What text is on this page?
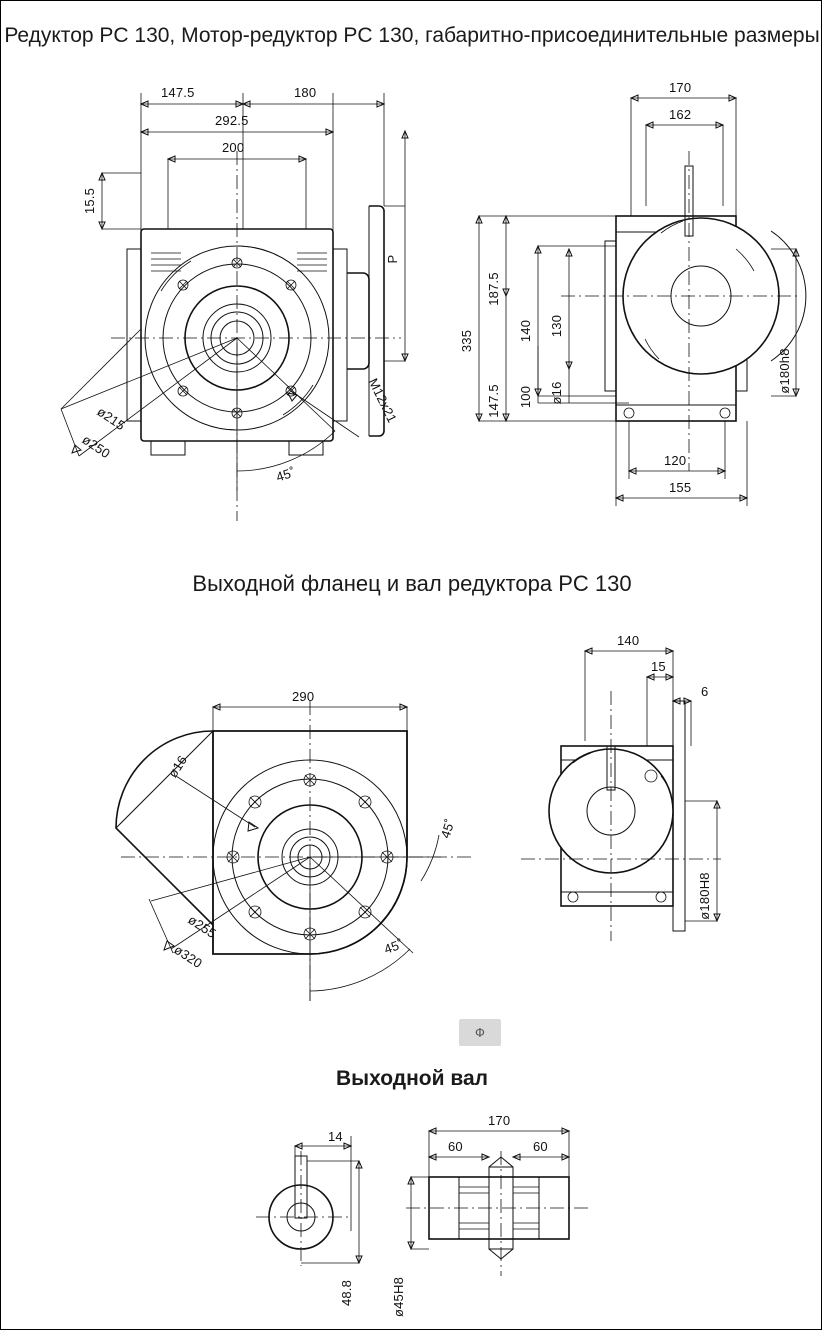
Редуктор PC 130, Мотор-редуктор PC 130, габаритно-присоединительные размеры
Выходной фланец и вал редуктора PC 130
Выходной вал
Ф
147.5	180
292.5
200
15.5
P
ø215
ø250
M12x21
45˚
170
162
335
187.5
147.5
140 130
100 ø16	ø180h8
120
155
290
ø16
ø255
ø320
45˚
45˚
140
15
6
ø180H8
14
48.8	ø45H8
170
60	60
